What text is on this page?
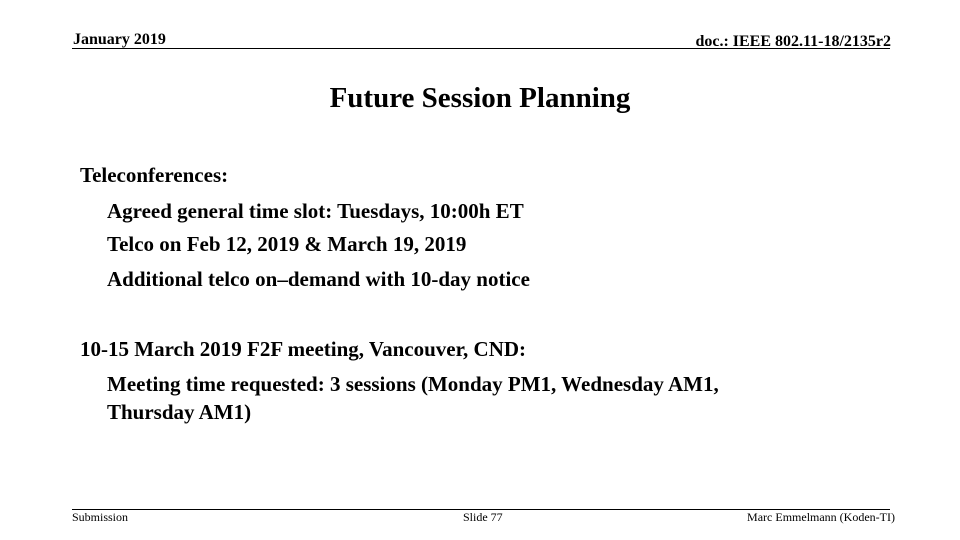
January 2019	doc.: IEEE 802.11-18/2135r2
Future Session Planning
Teleconferences:
Agreed general time slot: Tuesdays, 10:00h ET
Telco on Feb 12, 2019 & March 19, 2019
Additional telco on–demand with 10-day notice
10-15 March 2019 F2F meeting, Vancouver, CND:
Meeting time requested: 3 sessions (Monday PM1, Wednesday AM1,
Thursday AM1)
Submission	Slide 77	Marc Emmelmann (Koden-TI)
